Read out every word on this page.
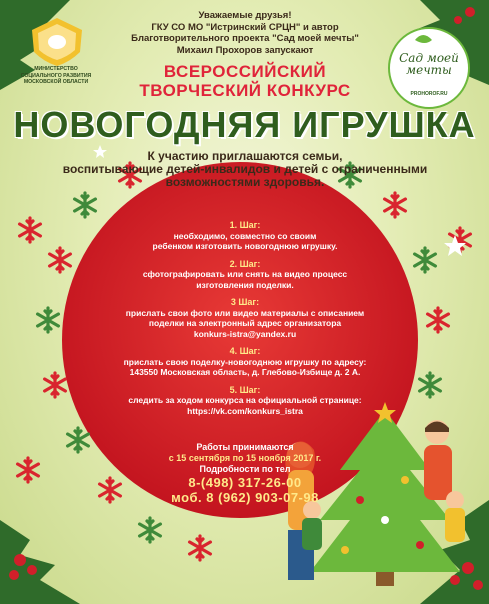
МИНИСТЕРСТВО
СОЦИАЛЬНОГО РАЗВИТИЯ
МОСКОВСКОЙ ОБЛАСТИ
Уважаемые друзья!
ГКУ СО МО "Истринский СРЦН" и автор
Благотворительного проекта "Сад моей мечты"
Михаил Прохоров запускают
Сад моей
мечты
PROHOROF.RU
ВСЕРОССИЙСКИЙ
ТВОРЧЕСКИЙ КОНКУРС
НОВОГОДНЯЯ ИГРУШКА
К участию приглашаются семьи,
воспитывающие детей-инвалидов и детей с ограниченными
возможностями здоровья.
1. Шаг:
необходимо, совместно со своим
ребенком изготовить новогоднюю игрушку.
2. Шаг:
сфотографировать или снять на видео процесс
изготовления поделки.
3 Шаг:
прислать свои фото или видео материалы с описанием
поделки на электронный адрес организатора
konkurs-istra@yandex.ru
4. Шаг:
прислать свою поделку-новогоднюю игрушку по адресу:
143550 Московская область, д. Глебово-Избище д. 2 А.
5. Шаг:
следить за ходом конкурса на официальной странице:
https://vk.com/konkurs_istra
Работы принимаются
с 15 сентября по 15 ноября 2017 г.
Подробности по тел
8-(498) 317-26-00
моб. 8 (962) 903-07-98
